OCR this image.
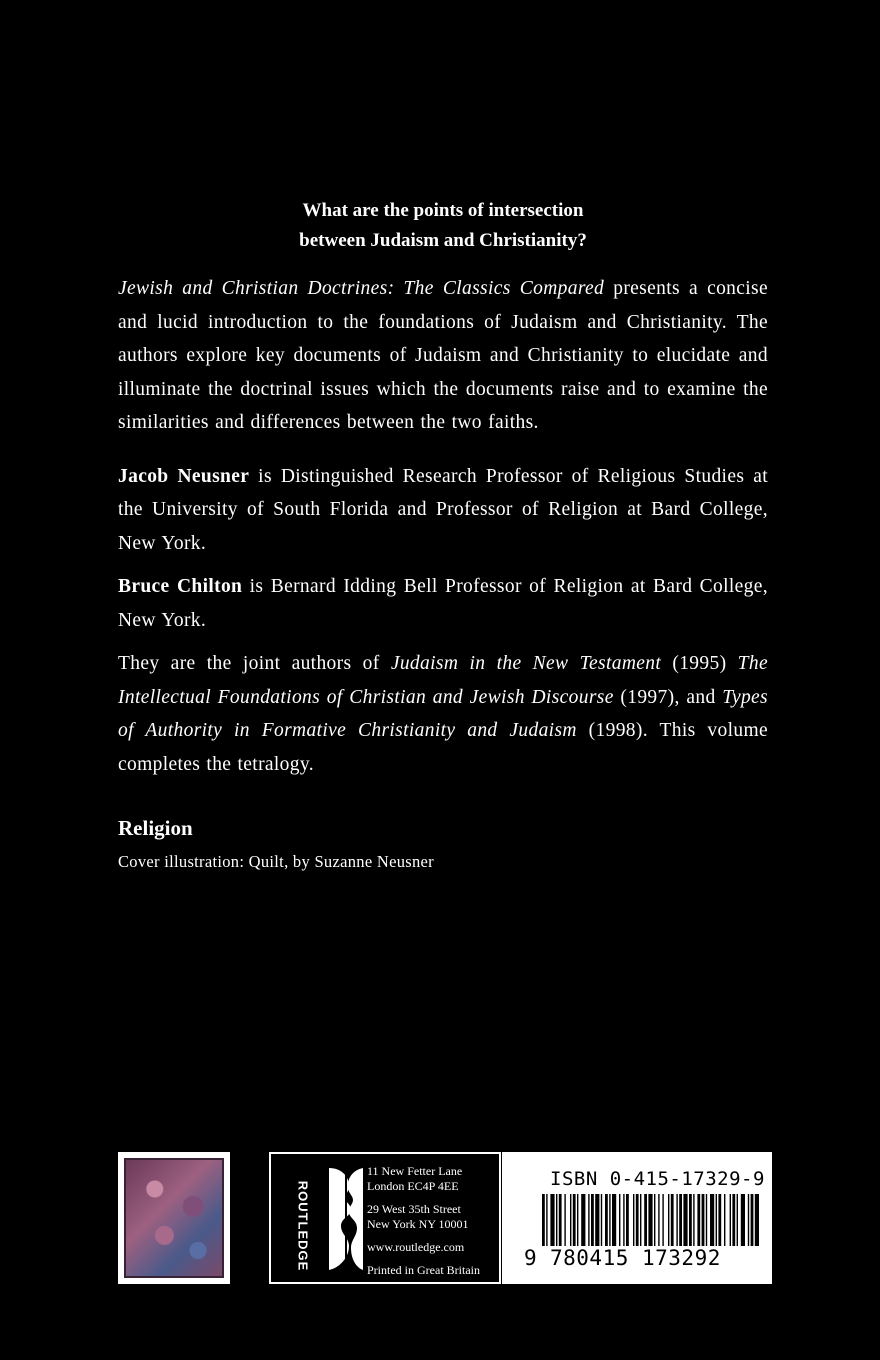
What are the points of intersection
between Judaism and Christianity?

Jewish and Christian Doctrines: The Classics Compared presents a concise and lucid introduction to the foundations of Judaism and Christianity. The authors explore key documents of Judaism and Christianity to elucidate and illuminate the doctrinal issues which the documents raise and to examine the similarities and differences between the two faiths.

Jacob Neusner is Distinguished Research Professor of Religious Studies at the University of South Florida and Professor of Religion at Bard College, New York.

Bruce Chilton is Bernard Idding Bell Professor of Religion at Bard College, New York.

They are the joint authors of Judaism in the New Testament (1995) The Intellectual Foundations of Christian and Jewish Discourse (1997), and Types of Authority in Formative Christianity and Judaism (1998). This volume completes the tetralogy.

Religion
Cover illustration: Quilt, by Suzanne Neusner
ROUTLEDGE
11 New Fetter Lane
London EC4P 4EE
29 West 35th Street
New York NY 10001
www.routledge.com
Printed in Great Britain
ISBN 0-415-17329-9
9 780415 173292
